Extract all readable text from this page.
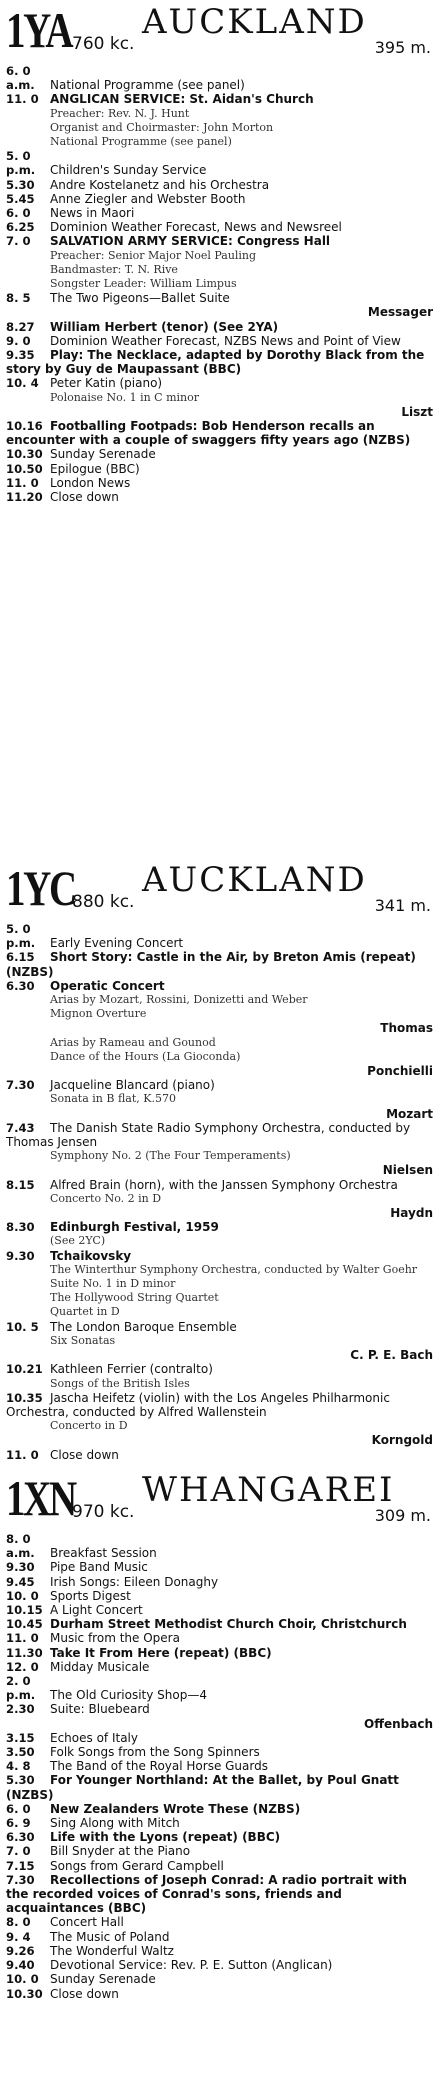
1YA 760 kc.
AUCKLAND
395 m.
6. 0 a.m. National Programme (see panel)
11. 0 ANGLICAN SERVICE: St. Aidan's Church
Preacher: Rev. N. J. Hunt
Organist and Choirmaster: John Morton
National Programme (see panel)
5. 0 p.m. Children's Sunday Service
5.30 Andre Kostelanetz and his Orchestra
5.45 Anne Ziegler and Webster Booth
6. 0 News in Maori
6.25 Dominion Weather Forecast, News and Newsreel
7. 0 SALVATION ARMY SERVICE: Congress Hall
Preacher: Senior Major Noel Pauling
Bandmaster: T. N. Rive
Songster Leader: William Limpus
8. 5 The Two Pigeons—Ballet Suite
Messager
8.27 William Herbert (tenor) (See 2YA)
9. 0 Dominion Weather Forecast, NZBS News and Point of View
9.35 Play: The Necklace, adapted by Dorothy Black from the story by Guy de Maupassant (BBC)
10. 4 Peter Katin (piano)
Polonaise No. 1 in C minor
Liszt
10.16 Footballing Footpads: Bob Henderson recalls an encounter with a couple of swaggers fifty years ago (NZBS)
10.30 Sunday Serenade
10.50 Epilogue (BBC)
11. 0 London News
11.20 Close down
1YC
880 kc.
AUCKLAND
341 m.
5. 0 p.m. Early Evening Concert
6.15 Short Story: Castle in the Air, by Breton Amis (repeat) (NZBS)
6.30 Operatic Concert
Arias by Mozart, Rossini, Donizetti and Weber
Mignon Overture
Thomas
Arias by Rameau and Gounod
Dance of the Hours (La Gioconda)
Ponchielli
7.30 Jacqueline Blancard (piano)
Sonata in B flat, K.570
Mozart
7.43 The Danish State Radio Symphony Orchestra, conducted by Thomas Jensen
Symphony No. 2 (The Four Temperaments)
Nielsen
8.15 Alfred Brain (horn), with the Janssen Symphony Orchestra
Concerto No. 2 in D
Haydn
8.30 Edinburgh Festival, 1959
(See 2YC)
9.30 Tchaikovsky
The Winterthur Symphony Orchestra, conducted by Walter Goehr
Suite No. 1 in D minor
The Hollywood String Quartet
Quartet in D
10. 5 The London Baroque Ensemble
Six Sonatas
C. P. E. Bach
10.21 Kathleen Ferrier (contralto)
Songs of the British Isles
10.35 Jascha Heifetz (violin) with the Los Angeles Philharmonic Orchestra, conducted by Alfred Wallenstein
Concerto in D
Korngold
11. 0 Close down
1XN
970 kc.
WHANGAREI
309 m.
8. 0 a.m. Breakfast Session
9.30 Pipe Band Music
9.45 Irish Songs: Eileen Donaghy
10. 0 Sports Digest
10.15 A Light Concert
10.45 Durham Street Methodist Church Choir, Christchurch
11. 0 Music from the Opera
11.30 Take It From Here (repeat) (BBC)
12. 0 Midday Musicale
2. 0 p.m. The Old Curiosity Shop—4
2.30 Suite: Bluebeard
Offenbach
3.15 Echoes of Italy
3.50 Folk Songs from the Song Spinners
4. 8 The Band of the Royal Horse Guards
5.30 For Younger Northland: At the Ballet, by Poul Gnatt (NZBS)
6. 0 New Zealanders Wrote These (NZBS)
6. 9 Sing Along with Mitch
6.30 Life with the Lyons (repeat) (BBC)
7. 0 Bill Snyder at the Piano
7.15 Songs from Gerard Campbell
7.30 Recollections of Joseph Conrad: A radio portrait with the recorded voices of Conrad's sons, friends and acquaintances (BBC)
8. 0 Concert Hall
9. 4 The Music of Poland
9.26 The Wonderful Waltz
9.40 Devotional Service: Rev. P. E. Sutton (Anglican)
10. 0 Sunday Serenade
10.30 Close down
